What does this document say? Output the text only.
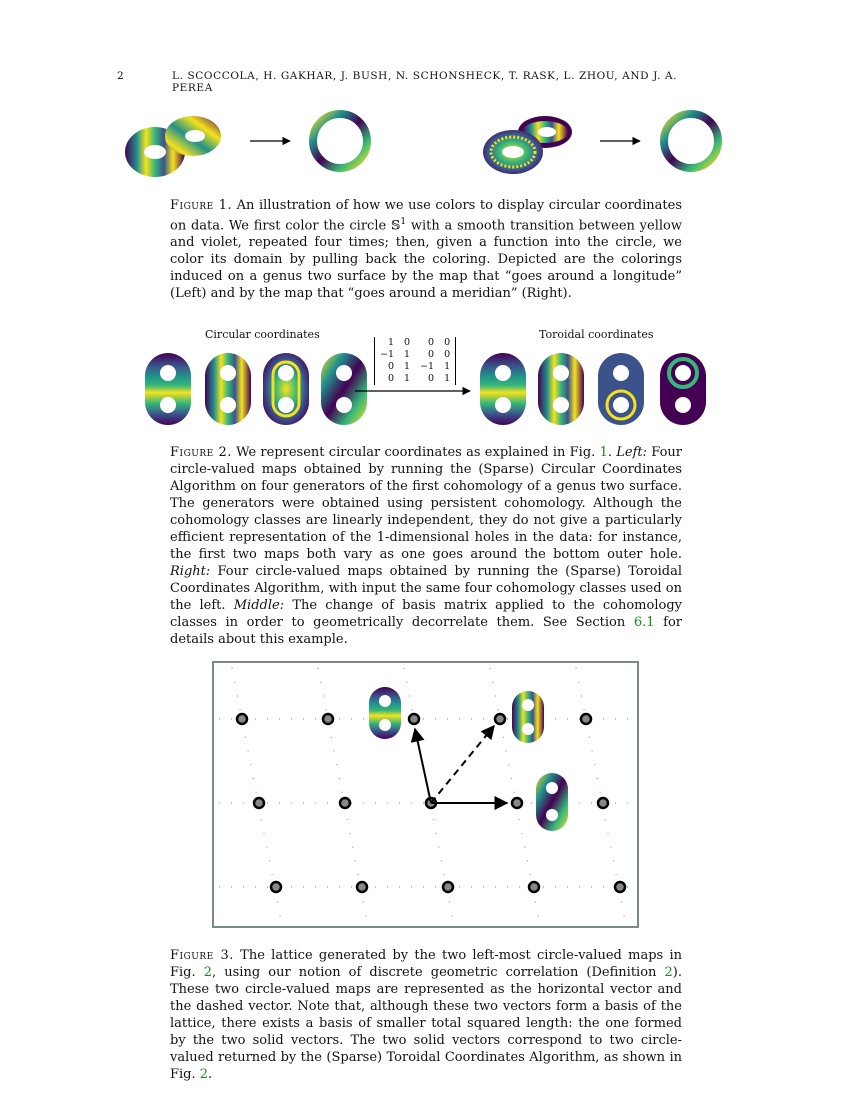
2	L. SCOCCOLA, H. GAKHAR, J. BUSH, N. SCHONSHECK, T. RASK, L. ZHOU, AND J. A. PEREA
Figure 1. An illustration of how we use colors to display circular coordinates on data. We first color the circle 𝕊$^1$ with a smooth transition between yellow and violet, repeated four times; then, given a function into the circle, we color its domain by pulling back the coloring. Depicted are the colorings induced on a genus two surface by the map that “goes around a longitude” (Left) and by the map that “goes around a meridian” (Right).
Circular coordinates	Toroidal coordinates
1	0	0	0
−1	1	0	0
0	1	−1	1
0	1	0	1
Figure 2. We represent circular coordinates as explained in Fig. 1. Left: Four circle-valued maps obtained by running the (Sparse) Circular Coordinates Algorithm on four generators of the first cohomology of a genus two surface. The generators were obtained using persistent cohomology. Although the cohomology classes are linearly independent, they do not give a particularly efficient representation of the 1-dimensional holes in the data: for instance, the first two maps both vary as one goes around the bottom outer hole. Right: Four circle-valued maps obtained by running the (Sparse) Toroidal Coordinates Algorithm, with input the same four cohomology classes used on the left. Middle: The change of basis matrix applied to the cohomology classes in order to geometrically decorrelate them. See Section 6.1 for details about this example.
Figure 3. The lattice generated by the two left-most circle-valued maps in Fig. 2, using our notion of discrete geometric correlation (Definition 2). These two circle-valued maps are represented as the horizontal vector and the dashed vector. Note that, although these two vectors form a basis of the lattice, there exists a basis of smaller total squared length: the one formed by the two solid vectors. The two solid vectors correspond to two circle-valued returned by the (Sparse) Toroidal Coordinates Algorithm, as shown in Fig. 2.
